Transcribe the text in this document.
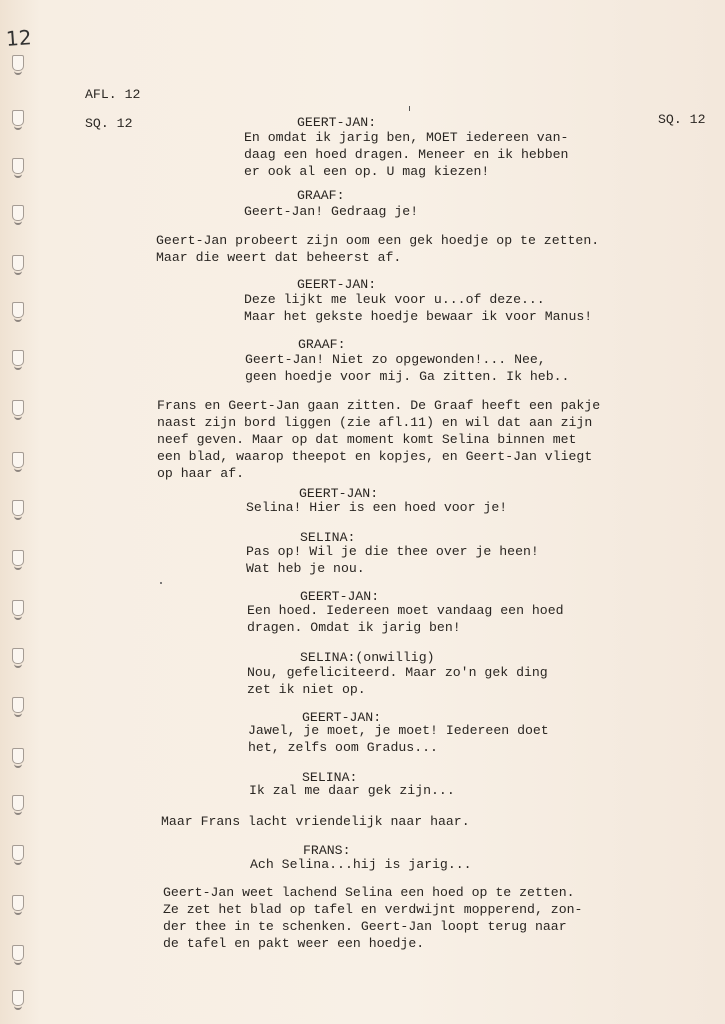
12
AFL. 12
SQ. 12	SQ. 12
GEERT-JAN:
En omdat ik jarig ben, MOET iedereen van-
daag een hoed dragen. Meneer en ik hebben
er ook al een op. U mag kiezen!
GRAAF:
Geert-Jan! Gedraag je!
Geert-Jan probeert zijn oom een gek hoedje op te zetten.
Maar die weert dat beheerst af.
GEERT-JAN:
Deze lijkt me leuk voor u...of deze...
Maar het gekste hoedje bewaar ik voor Manus!
GRAAF:
Geert-Jan! Niet zo opgewonden!... Nee,
geen hoedje voor mij. Ga zitten. Ik heb..
Frans en Geert-Jan gaan zitten. De Graaf heeft een pakje
naast zijn bord liggen (zie afl.11) en wil dat aan zijn
neef geven. Maar op dat moment komt Selina binnen met
een blad, waarop theepot en kopjes, en Geert-Jan vliegt
op haar af.
GEERT-JAN:
Selina! Hier is een hoed voor je!
SELINA:
Pas op! Wil je die thee over je heen!
Wat heb je nou.
GEERT-JAN:
Een hoed. Iedereen moet vandaag een hoed
dragen. Omdat ik jarig ben!
SELINA:(onwillig)
Nou, gefeliciteerd. Maar zo'n gek ding
zet ik niet op.
GEERT-JAN:
Jawel, je moet, je moet! Iedereen doet
het, zelfs oom Gradus...
SELINA:
Ik zal me daar gek zijn...
Maar Frans lacht vriendelijk naar haar.
FRANS:
Ach Selina...hij is jarig...
Geert-Jan weet lachend Selina een hoed op te zetten.
Ze zet het blad op tafel en verdwijnt mopperend, zon-
der thee in te schenken. Geert-Jan loopt terug naar
de tafel en pakt weer een hoedje.
